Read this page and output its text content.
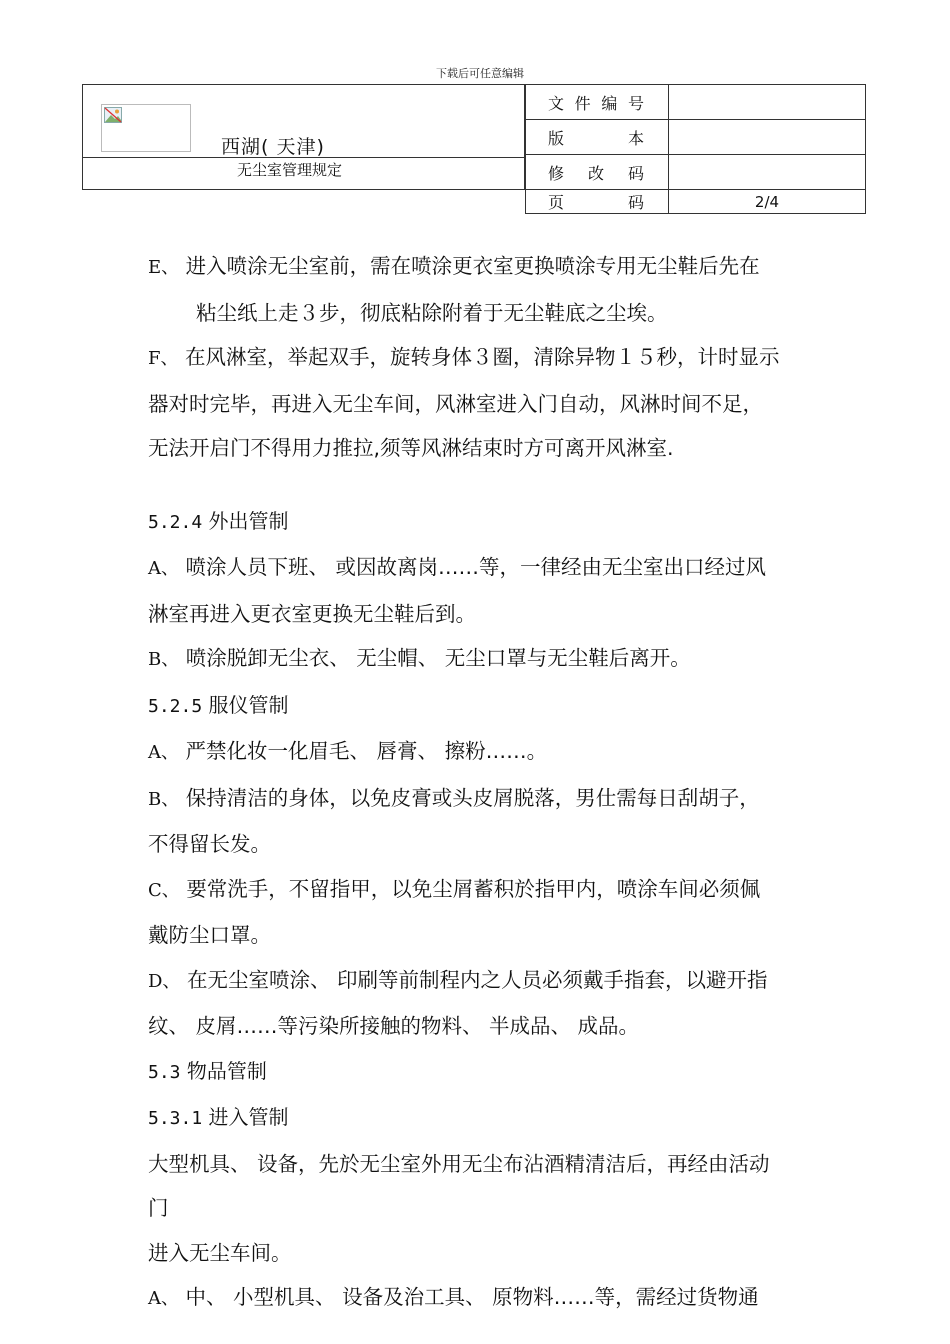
下载后可任意编辑
西湖( 天津)
无尘室管理规定
文 件 编 号	

版 本	

修 改 码	

页 码	2/4

E、 进入喷涂无尘室前，需在喷涂更衣室更换喷涂专用无尘鞋后先在

粘尘纸上走３步，彻底粘除附着于无尘鞋底之尘埃。

F、 在风淋室，举起双手，旋转身体３圈，清除异物１５秒，计时显示

器对时完毕，再进入无尘车间，风淋室进入门自动，风淋时间不足，

无法开启门不得用力推拉,须等风淋结束时方可离开风淋室.

5.2.4 外出管制

A、 喷涂人员下班、 或因故离岗……等，一律经由无尘室出口经过风

淋室再进入更衣室更换无尘鞋后到。

B、 喷涂脱卸无尘衣、 无尘帽、 无尘口罩与无尘鞋后离开。

5.2.5 服仪管制

A、 严禁化妆一化眉毛、 唇膏、 擦粉……。

B、 保持清洁的身体，以免皮膏或头皮屑脱落，男仕需每日刮胡子，

不得留长发。

C、 要常洗手，不留指甲，以免尘屑蓄积於指甲内，喷涂车间必须佩

戴防尘口罩。

D、 在无尘室喷涂、 印刷等前制程内之人员必须戴手指套，以避开指

纹、 皮屑……等污染所接触的物料、 半成品、 成品。

5.3 物品管制

5.3.1 进入管制

大型机具、 设备，先於无尘室外用无尘布沾酒精清洁后，再经由活动

门

进入无尘车间。

A、 中、 小型机具、 设备及治工具、 原物料……等，需经过货物通
